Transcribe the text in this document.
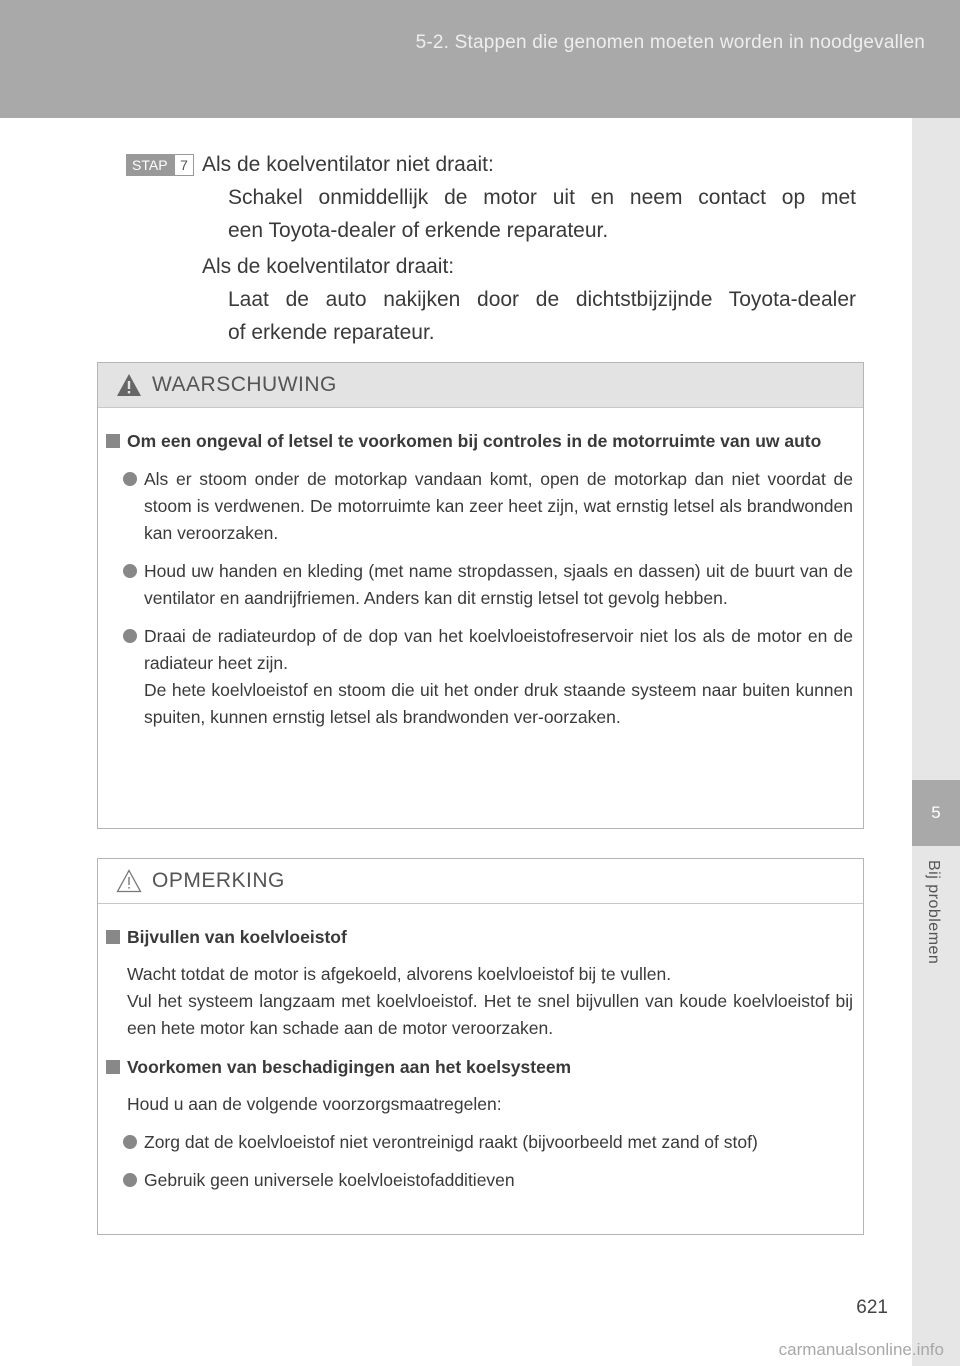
5-2. Stappen die genomen moeten worden in noodgevallen
5
Bij problemen
STAP 7 Als de koelventilator niet draait:
Schakel onmiddellijk de motor uit en neem contact op met
een Toyota-dealer of erkende reparateur.
Als de koelventilator draait:
Laat de auto nakijken door de dichtstbijzijnde Toyota-dealer
of erkende reparateur.
WAARSCHUWING
Om een ongeval of letsel te voorkomen bij controles in de motorruimte van uw auto
Als er stoom onder de motorkap vandaan komt, open de motorkap dan niet voordat de stoom is verdwenen. De motorruimte kan zeer heet zijn, wat ernstig letsel als brandwonden kan veroorzaken.
Houd uw handen en kleding (met name stropdassen, sjaals en dassen) uit de buurt van de ventilator en aandrijfriemen. Anders kan dit ernstig letsel tot gevolg hebben.
Draai de radiateurdop of de dop van het koelvloeistofreservoir niet los als de motor en de radiateur heet zijn.
De hete koelvloeistof en stoom die uit het onder druk staande systeem naar buiten kunnen spuiten, kunnen ernstig letsel als brandwonden ver-oorzaken.
OPMERKING
Bijvullen van koelvloeistof
Wacht totdat de motor is afgekoeld, alvorens koelvloeistof bij te vullen.
Vul het systeem langzaam met koelvloeistof. Het te snel bijvullen van koude koelvloeistof bij een hete motor kan schade aan de motor veroorzaken.
Voorkomen van beschadigingen aan het koelsysteem
Houd u aan de volgende voorzorgsmaatregelen:
Zorg dat de koelvloeistof niet verontreinigd raakt (bijvoorbeeld met zand of stof)
Gebruik geen universele koelvloeistofadditieven
621
carmanualsonline.info
